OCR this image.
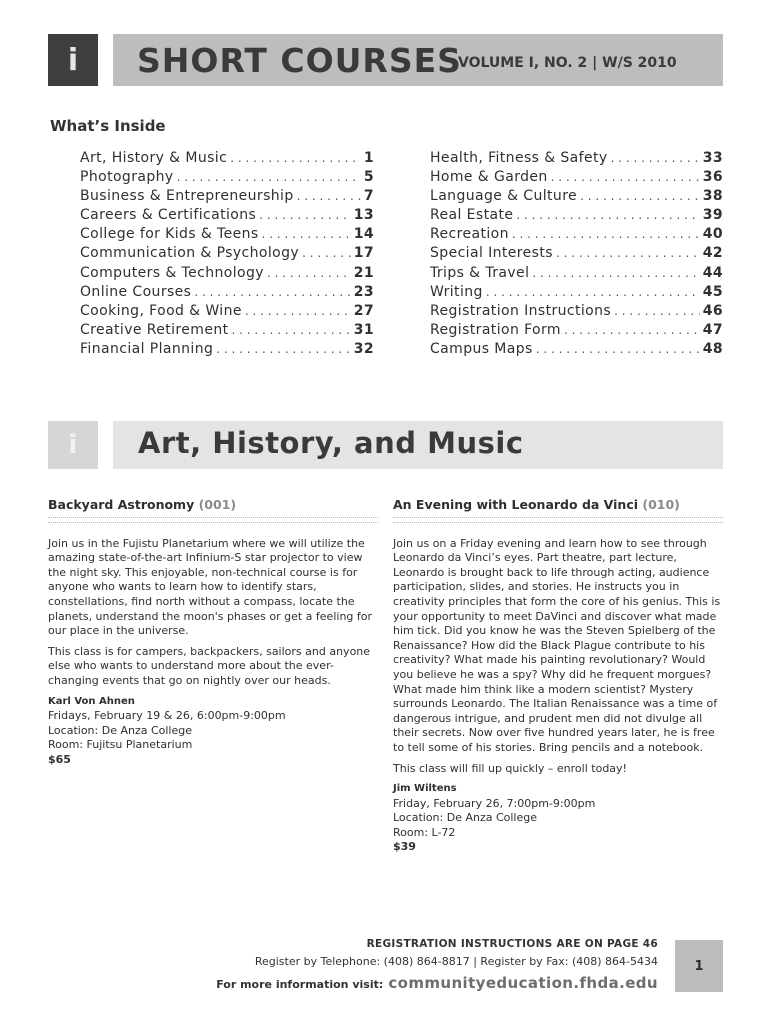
i SHORT COURSES
VOLUME I, NO. 2 | W/S 2010
What’s Inside
Art, History & Music . . .	1
Photography . . .	5
Business & Entrepreneurship . . .	7
Careers & Certifications . . .	13
College for Kids & Teens . . .	14
Communication & Psychology . . .	17
Computers & Technology . . .	21
Online Courses . . .	23
Cooking, Food & Wine . . .	27
Creative Retirement . . .	31
Financial Planning . . .	32
Health, Fitness & Safety . . .	33
Home & Garden . . .	36
Language & Culture . . .	38
Real Estate . . .	39
Recreation . . .	40
Special Interests . . .	42
Trips & Travel . . .	44
Writing . . .	45
Registration Instructions . . .	46
Registration Form . . .	47
Campus Maps . . .	48
i Art, History, and Music
Backyard Astronomy (001)

Join us in the Fujistu Planetarium where we will utilize the amazing state-of-the-art Infinium-S star projector to view the night sky. This enjoyable, non-technical course is for anyone who wants to learn how to identify stars, constellations, find north without a compass, locate the planets, understand the moon's phases or get a feeling for our place in the universe.

This class is for campers, backpackers, sailors and anyone else who wants to understand more about the ever-changing events that go on nightly over our heads.

Karl Von Ahnen
Fridays, February 19 & 26, 6:00pm-9:00pm
Location: De Anza College
Room: Fujitsu Planetarium
$65
An Evening with Leonardo da Vinci (010)

Join us on a Friday evening and learn how to see through Leonardo da Vinci’s eyes. Part theatre, part lecture, Leonardo is brought back to life through acting, audience participation, slides, and stories. He instructs you in creativity principles that form the core of his genius. This is your opportunity to meet DaVinci and discover what made him tick. Did you know he was the Steven Spielberg of the Renaissance? How did the Black Plague contribute to his creativity? What made his painting revolutionary? Would you believe he was a spy? Why did he frequent morgues? What made him think like a modern scientist? Mystery surrounds Leonardo. The Italian Renaissance was a time of dangerous intrigue, and prudent men did not divulge all their secrets. Now over five hundred years later, he is free to tell some of his stories. Bring pencils and a notebook.

This class will fill up quickly – enroll today!

Jim Wiltens
Friday, February 26, 7:00pm-9:00pm
Location: De Anza College
Room: L-72
$39
REGISTRATION INSTRUCTIONS ARE ON PAGE 46
Register by Telephone: (408) 864-8817 | Register by Fax: (408) 864-5434
For more information visit: communityeducation.fhda.edu
1
